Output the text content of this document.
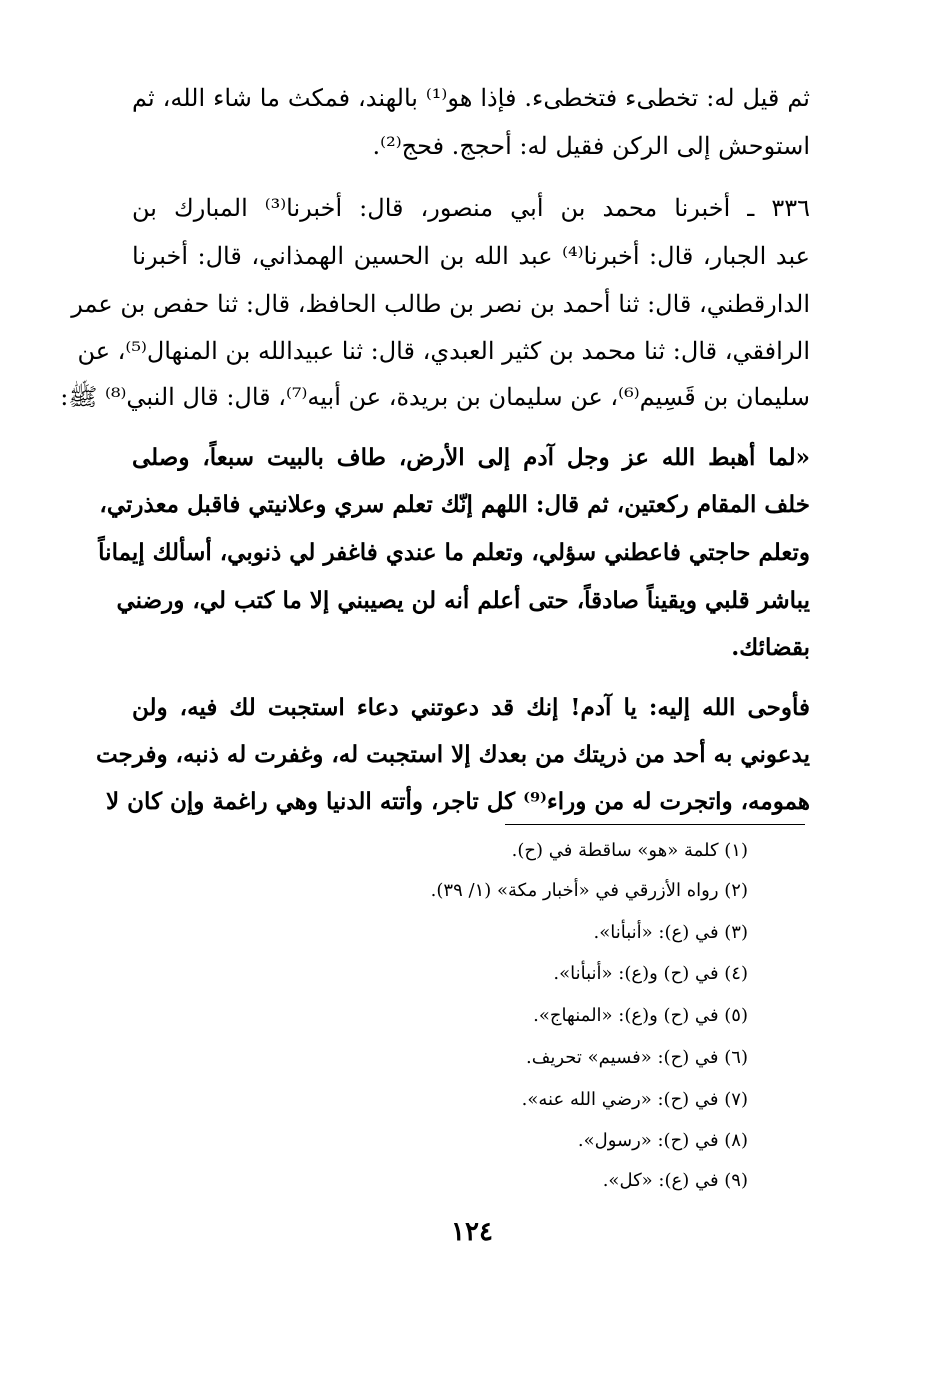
ثم قيل له: تخطىء فتخطىء. فإذا هو⁽¹⁾ بالهند، فمكث ما شاء الله، ثم
استوحش إلى الركن فقيل له: أحجج. فحج⁽²⁾.
٣٣٦ ـ أخبرنا محمد بن أبي منصور، قال: أخبرنا⁽³⁾ المبارك بن
عبد الجبار، قال: أخبرنا⁽⁴⁾ عبد الله بن الحسين الهمذاني، قال: أخبرنا
الدارقطني، قال: ثنا أحمد بن نصر بن طالب الحافظ، قال: ثنا حفص بن عمر
الرافقي، قال: ثنا محمد بن كثير العبدي، قال: ثنا عبيدالله بن المنهال⁽⁵⁾، عن
سليمان بن قَسِيم⁽⁶⁾، عن سليمان بن بريدة، عن أبيه⁽⁷⁾، قال: قال النبي⁽⁸⁾ ﷺ:
«لما أهبط الله عز وجل آدم إلى الأرض، طاف بالبيت سبعاً، وصلى
خلف المقام ركعتين، ثم قال: اللهم إنّك تعلم سري وعلانيتي فاقبل معذرتي،
وتعلم حاجتي فاعطني سؤلي، وتعلم ما عندي فاغفر لي ذنوبي، أسألك إيماناً
يباشر قلبي ويقيناً صادقاً، حتى أعلم أنه لن يصيبني إلا ما كتب لي، ورضني
بقضائك.
فأوحى الله إليه: يا آدم! إنك قد دعوتني دعاء استجبت لك فيه، ولن
يدعوني به أحد من ذريتك من بعدك إلا استجبت له، وغفرت له ذنبه، وفرجت
همومه، واتجرت له من وراء⁽⁹⁾ كل تاجر، وأتته الدنيا وهي راغمة وإن كان لا
(١) كلمة «هو» ساقطة في (ح).
(٢) رواه الأزرقي في «أخبار مكة» (١/ ٣٩).
(٣) في (ع): «أنبأنا».
(٤) في (ح) و(ع): «أنبأنا».
(٥) في (ح) و(ع): «المنهاج».
(٦) في (ح): «فسيم» تحريف.
(٧) في (ح): «رضي الله عنه».
(٨) في (ح): «رسول».
(٩) في (ع): «كل».
١٢٤
